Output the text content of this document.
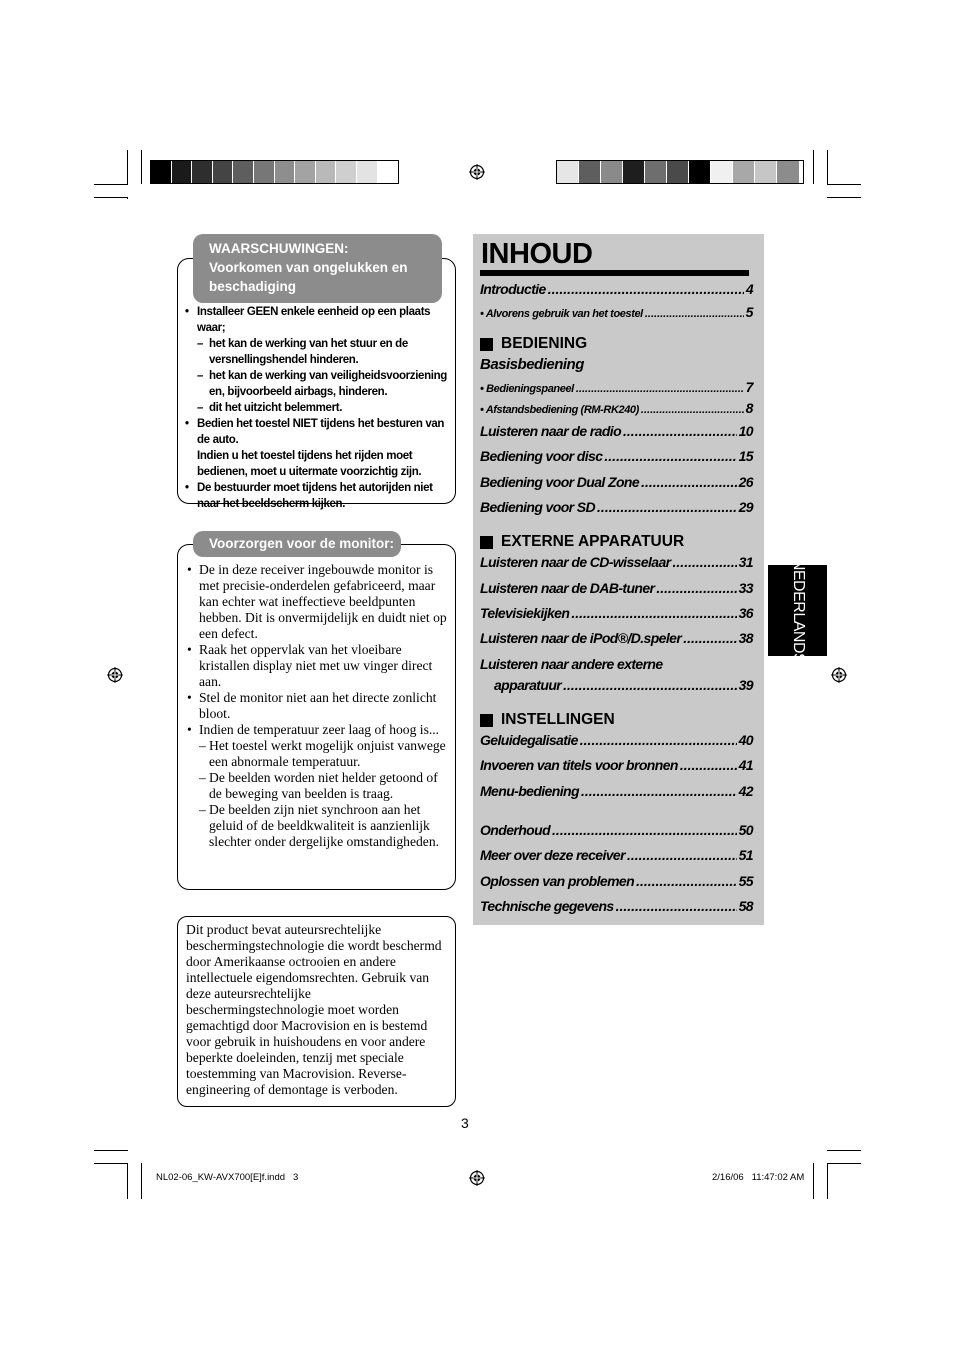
WAARSCHUWINGEN:
Voorkomen van ongelukken en
beschadiging
• Installeer GEEN enkele eenheid op een plaats waar;
– het kan de werking van het stuur en de versnellingshendel hinderen.
– het kan de werking van veiligheidsvoorziening en, bijvoorbeeld airbags, hinderen.
– dit het uitzicht belemmert.
• Bedien het toestel NIET tijdens het besturen van de auto.
Indien u het toestel tijdens het rijden moet bedienen, moet u uitermate voorzichtig zijn.
• De bestuurder moet tijdens het autorijden niet naar het beeldscherm kijken.
Voorzorgen voor de monitor:
• De in deze receiver ingebouwde monitor is met precisie-onderdelen gefabriceerd, maar kan echter wat ineffectieve beeldpunten hebben. Dit is onvermijdelijk en duidt niet op een defect.
• Raak het oppervlak van het vloeibare kristallen display niet met uw vinger direct aan.
• Stel de monitor niet aan het directe zonlicht bloot.
• Indien de temperatuur zeer laag of hoog is...
– Het toestel werkt mogelijk onjuist vanwege een abnormale temperatuur.
– De beelden worden niet helder getoond of de beweging van beelden is traag.
– De beelden zijn niet synchroon aan het geluid of de beeldkwaliteit is aanzienlijk slechter onder dergelijke omstandigheden.
Dit product bevat auteursrechtelijke beschermingstechnologie die wordt beschermd door Amerikaanse octrooien en andere intellectuele eigendomsrechten. Gebruik van deze auteursrechtelijke beschermingstechnologie moet worden gemachtigd door Macrovision en is bestemd voor gebruik in huishoudens en voor andere beperkte doeleinden, tenzij met speciale toestemming van Macrovision. Reverse-engineering of demontage is verboden.
INHOUD
Introductie .....	4
• Alvorens gebruik van het toestel .....	5
BEDIENING
Basisbediening
• Bedieningspaneel .....	7
• Afstandsbediening (RM-RK240) .....	8
Luisteren naar de radio .....	10
Bediening voor disc .....	15
Bediening voor Dual Zone .....	26
Bediening voor SD .....	29
EXTERNE APPARATUUR
Luisteren naar de CD-wisselaar .....	31
Luisteren naar de DAB-tuner .....	33
Televisiekijken .....	36
Luisteren naar de iPod®/D.speler .....	38
Luisteren naar andere externe
apparatuur .....	39
INSTELLINGEN
Geluidegalisatie .....	40
Invoeren van titels voor bronnen .....	41
Menu-bediening .....	42
Onderhoud .....	50
Meer over deze receiver .....	51
Oplossen van problemen .....	55
Technische gegevens .....	58
NEDERLANDS
3
NL02-06_KW-AVX700[E]f.indd   3	2/16/06   11:47:02 AM
